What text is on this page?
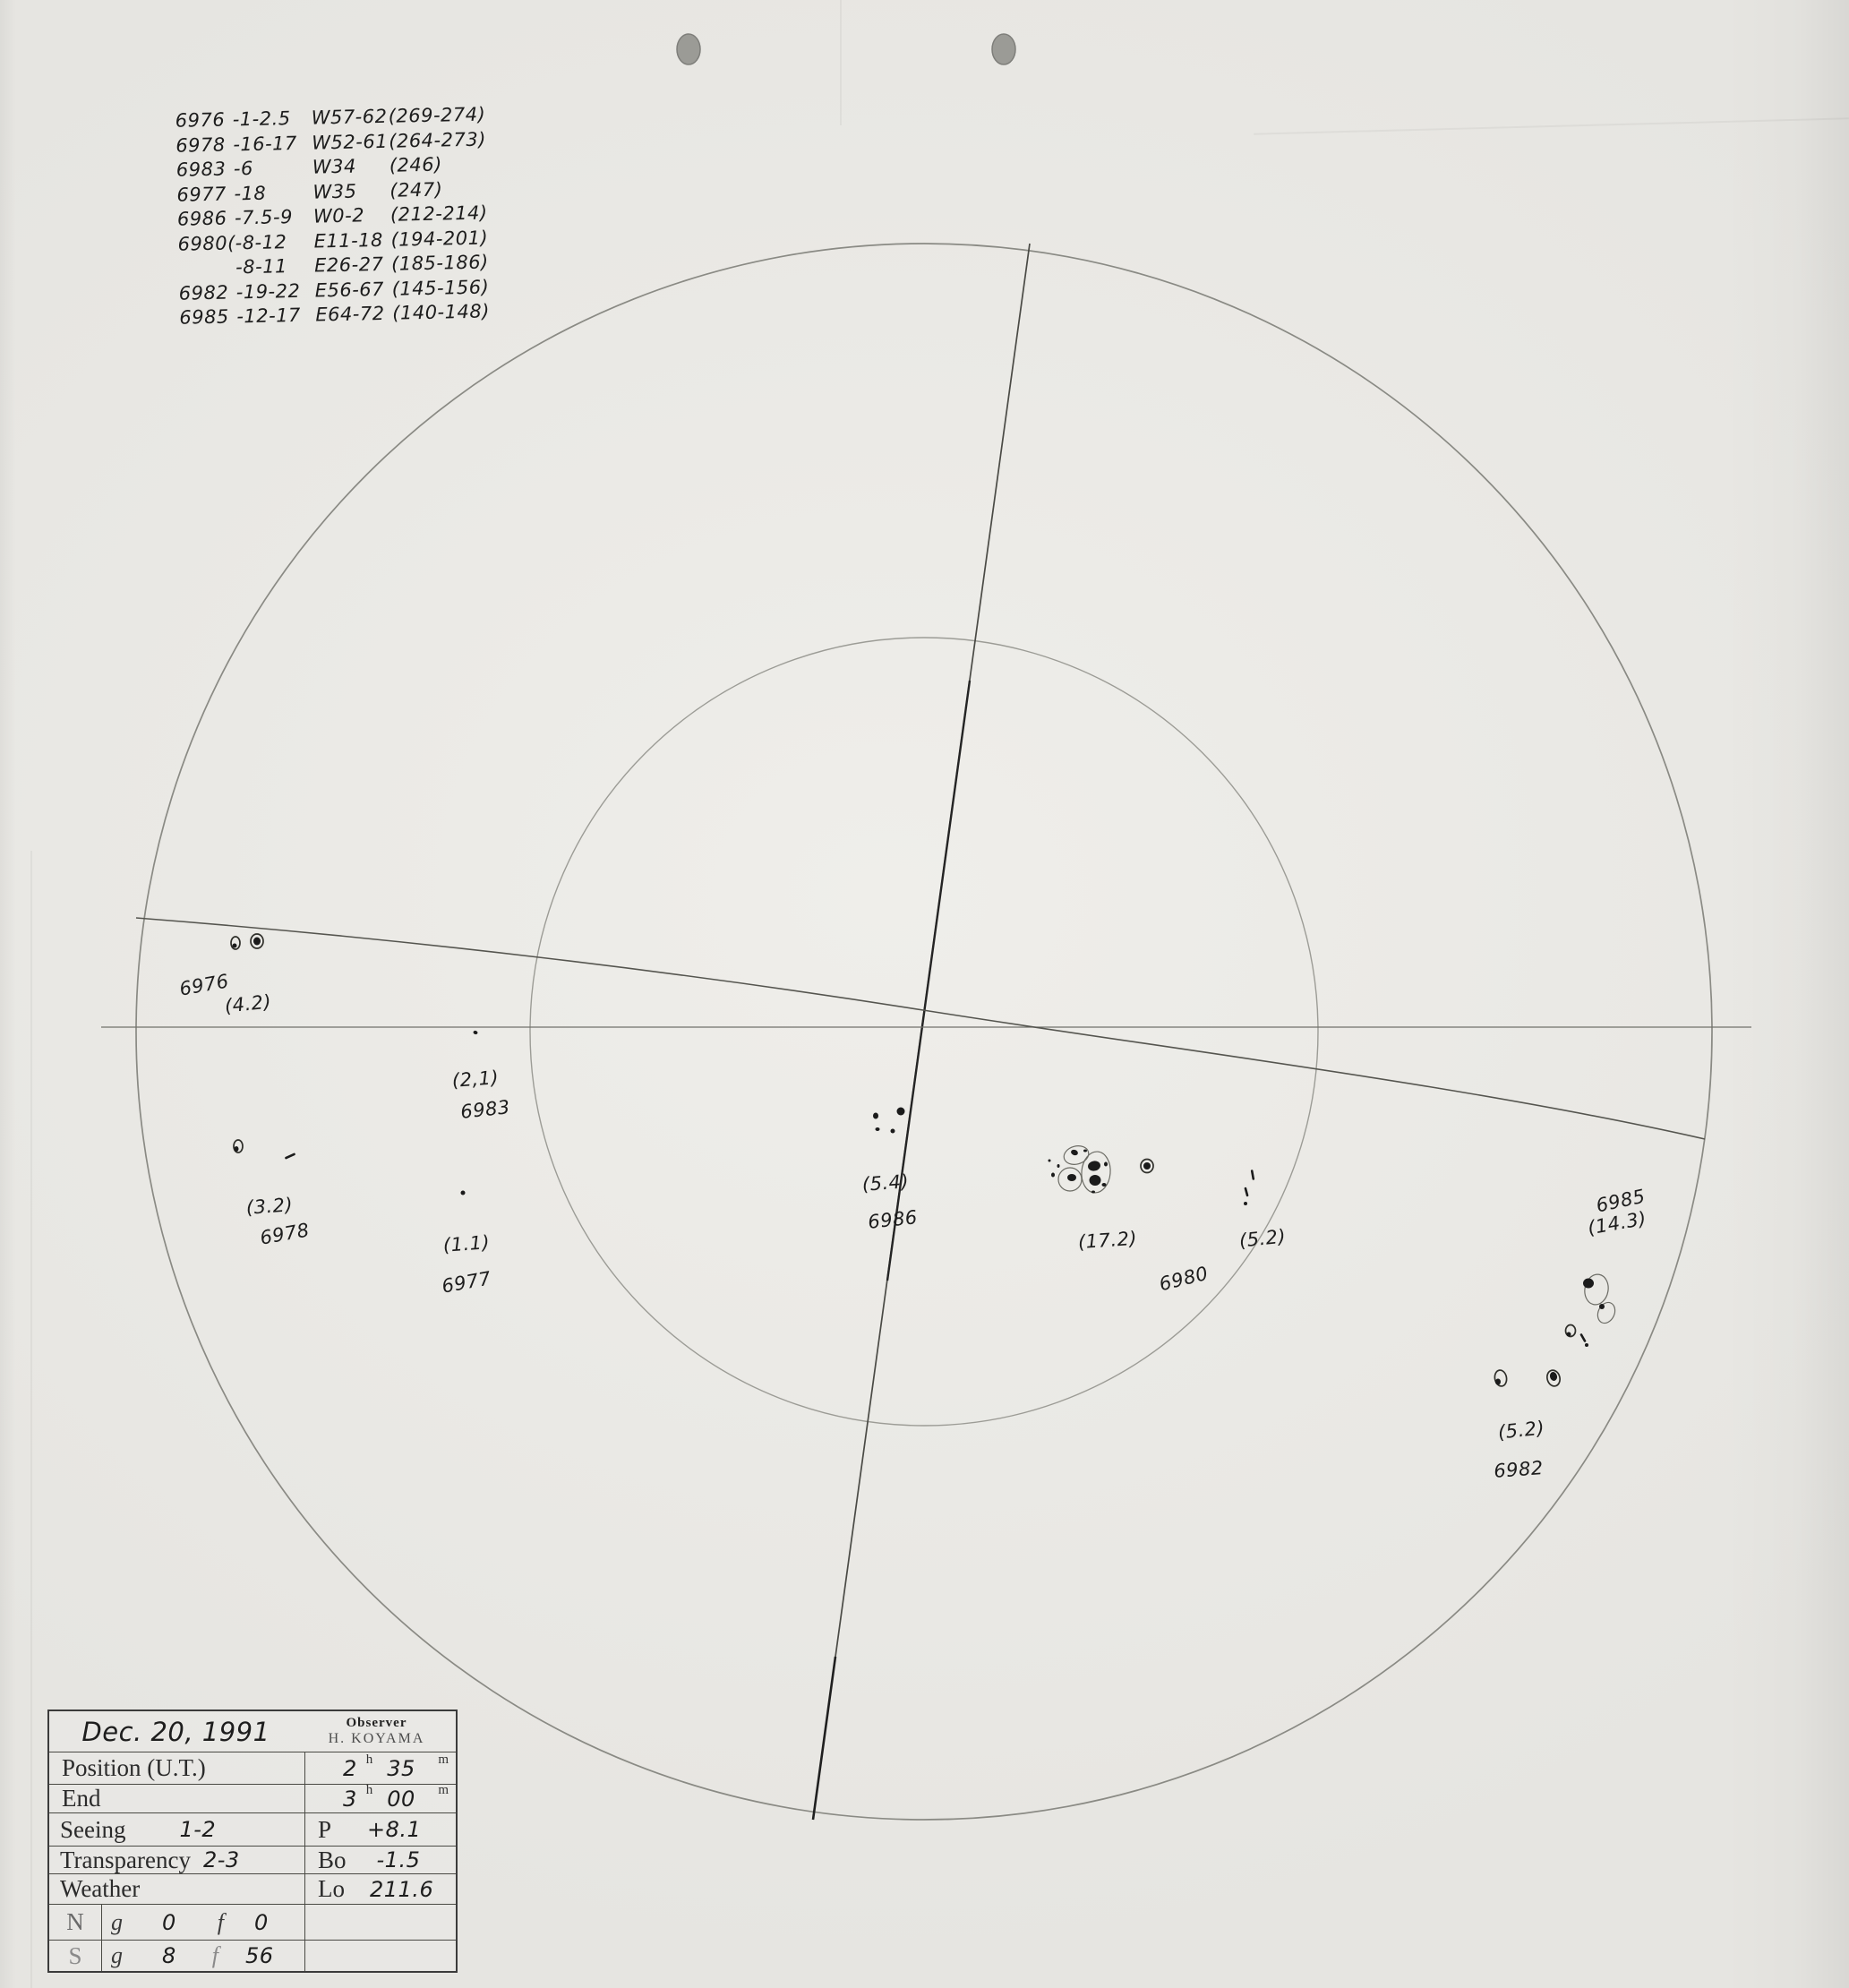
6976 -1-2.5	W57-62 (269-274)
6978 -16-17 W52-61 (264-273)
6983 -6	W34	(246)
6977 -18	W35	(247)
6986 -7.5-9	W0-2	(212-214)
6980( -8-12	E11-18 (194-201)
-8-11	E26-27 (185-186)
6982 -19-22 E56-67 (145-156)
6985 -12-17 E64-72 (140-148)
6976
(4.2)
(2,1)
6983
(3.2)
6978	(1.1)
6977
(5.4)
6986
(17.2)	(5.2)
6980
6985
(14.3)
(5.2)
6982
Dec. 20, 1991	Observer
H. KOYAMA
Position (U.T.)	2 h 35 m
End	3 h 00 m
Seeing	1-2	P +8.1
Transparency 2-3	Bo -1.5
Weather	Lo 211.6
N	g 0 f 0
S	g 8 f 56
